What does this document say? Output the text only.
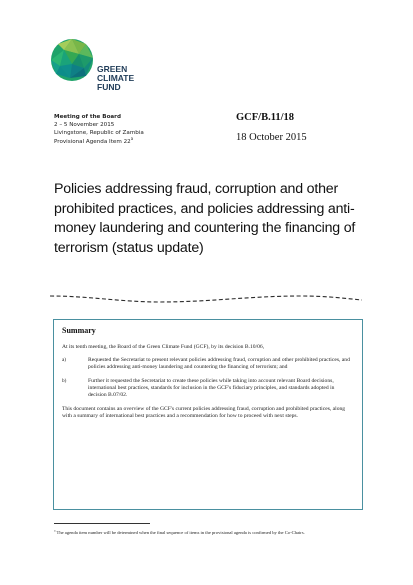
GREEN
CLIMATE
FUND
Meeting of the Board
2 – 5 November 2015
Livingstone, Republic of Zambia
Provisional Agenda Item 22$^a$
GCF/B.11/18
18 October 2015
Policies addressing fraud, corruption and other prohibited practices, and policies addressing anti-money laundering and countering the financing of terrorism (status update)
Summary
At its tenth meeting, the Board of the Green Climate Fund (GCF), by its decision B.10/06,
a)	Requested the Secretariat to present relevant policies addressing fraud, corruption and other prohibited practices, and policies addressing anti-money laundering and countering the financing of terrorism; and
b)	Further it requested the Secretariat to create these policies while taking into account relevant Board decisions, international best practices, standards for inclusion in the GCF's fiduciary principles, and standards adopted in decision B.07/02.
This document contains an overview of the GCF's current policies addressing fraud, corruption and prohibited practices, along with a summary of international best practices and a recommendation for how to proceed with next steps.
$^a$ The agenda item number will be determined when the final sequence of items in the provisional agenda is confirmed by the Co-Chairs.
